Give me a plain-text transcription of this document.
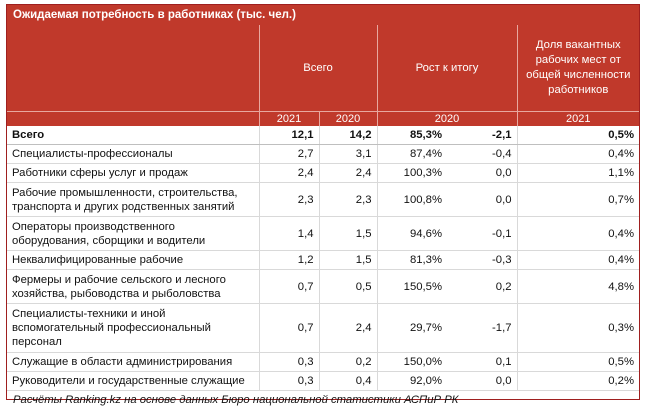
Ожидаемая потребность в работниках (тыс. чел.)
	Всего		Рост к итогу		Доля вакантных рабочих мест от общей численности работников
	2021	2020	2020		2021
Всего	12,1	14,2	85,3%	-2,1	0,5%
Специалисты-профессионалы	2,7	3,1	87,4%	-0,4	0,4%
Работники сферы услуг и продаж	2,4	2,4	100,3%	0,0	1,1%
Рабочие промышленности, строительства, транспорта и других родственных занятий	2,3	2,3	100,8%	0,0	0,7%
Операторы производственного оборудования, сборщики и водители	1,4	1,5	94,6%	-0,1	0,4%
Неквалифицированные рабочие	1,2	1,5	81,3%	-0,3	0,4%
Фермеры и рабочие сельского и лесного хозяйства, рыбоводства и рыболовства	0,7	0,5	150,5%	0,2	4,8%
Специалисты-техники и иной вспомогательный профессиональный персонал	0,7	2,4	29,7%	-1,7	0,3%
Служащие в области администрирования	0,3	0,2	150,0%	0,1	0,5%
Руководители и государственные служащие	0,3	0,4	92,0%	0,0	0,2%
Расчёты Ranking.kz на основе данных Бюро национальной статистики АСПиР РК
